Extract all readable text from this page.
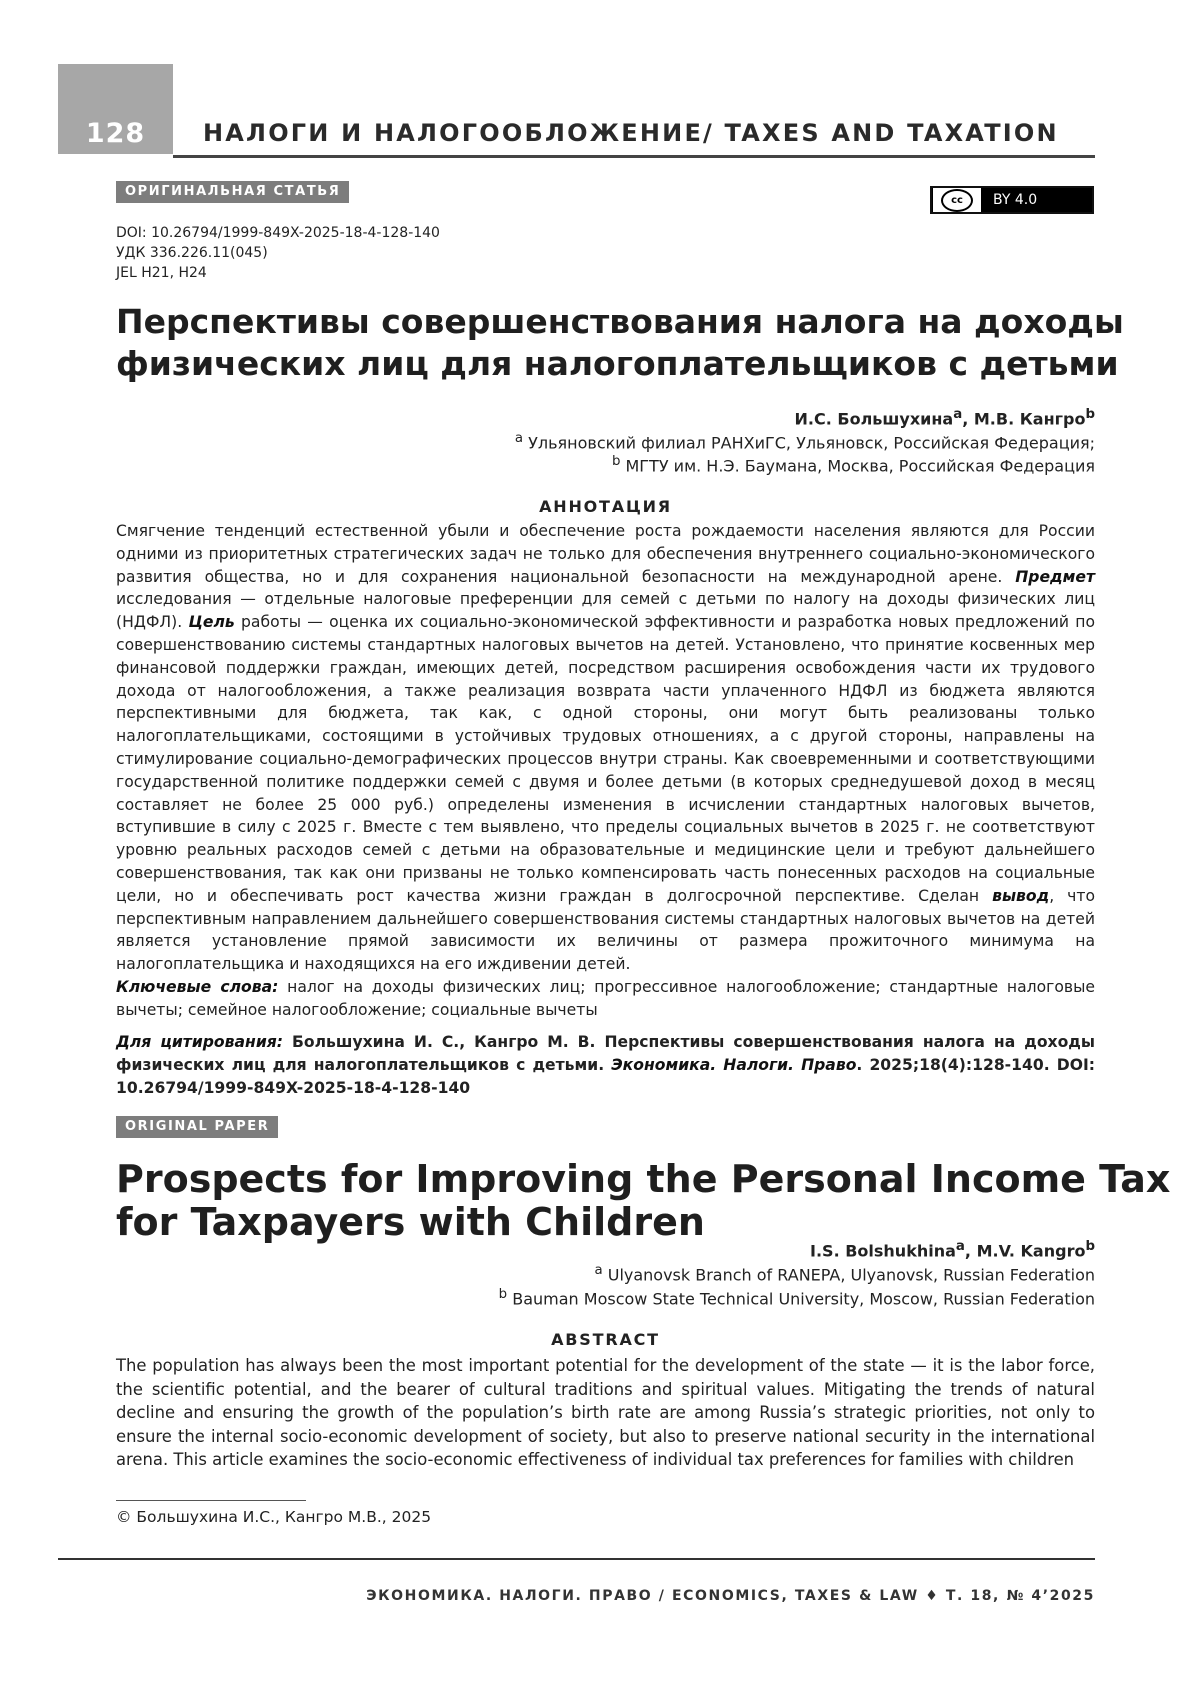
128	НАЛОГИ И НАЛОГООБЛОЖЕНИЕ/ TAXES AND TAXATION
ОРИГИНАЛЬНАЯ СТАТЬЯ
cc	BY 4.0
DOI: 10.26794/1999-849X-2025-18-4-128-140
УДК 336.226.11(045)
JEL H21, H24
Перспективы совершенствования налога на доходы
физических лиц для налогоплательщиков с детьми
И.С. Большухина$^a$, М.В. Кангро$^b$
$^a$ Ульяновский филиал РАНХиГС, Ульяновск, Российская Федерация;
$^b$ МГТУ им. Н.Э. Баумана, Москва, Российская Федерация
АННОТАЦИЯ
Смягчение тенденций естественной убыли и обеспечение роста рождаемости населения являются для России одними из приоритетных стратегических задач не только для обеспечения внутреннего социально-экономического развития общества, но и для сохранения национальной безопасности на международной арене. Предмет исследования — отдельные налоговые преференции для семей с детьми по налогу на доходы физических лиц (НДФЛ). Цель работы — оценка их социально-экономической эффективности и разработка новых предложений по совершенствованию системы стандартных налоговых вычетов на детей. Установлено, что принятие косвенных мер финансовой поддержки граждан, имеющих детей, посредством расширения освобождения части их трудового дохода от налогообложения, а также реализация возврата части уплаченного НДФЛ из бюджета являются перспективными для бюджета, так как, с одной стороны, они могут быть реализованы только налогоплательщиками, состоящими в устойчивых трудовых отношениях, а с другой стороны, направлены на стимулирование социально-демографических процессов внутри страны. Как своевременными и соответствующими государственной политике поддержки семей с двумя и более детьми (в которых среднедушевой доход в месяц составляет не более 25 000 руб.) определены изменения в исчислении стандартных налоговых вычетов, вступившие в силу с 2025 г. Вместе с тем выявлено, что пределы социальных вычетов в 2025 г. не соответствуют уровню реальных расходов семей с детьми на образовательные и медицинские цели и требуют дальнейшего совершенствования, так как они призваны не только компенсировать часть понесенных расходов на социальные цели, но и обеспечивать рост качества жизни граждан в долгосрочной перспективе. Сделан вывод, что перспективным направлением дальнейшего совершенствования системы стандартных налоговых вычетов на детей является установление прямой зависимости их величины от размера прожиточного минимума на налогоплательщика и находящихся на его иждивении детей.
Ключевые слова: налог на доходы физических лиц; прогрессивное налогообложение; стандартные налоговые вычеты; семейное налогообложение; социальные вычеты
Для цитирования: Большухина И. С., Кангро М. В. Перспективы совершенствования налога на доходы физических лиц для налогоплательщиков с детьми. Экономика. Налоги. Право. 2025;18(4):128-140. DOI: 10.26794/1999-849X-2025-18-4-128-140
ORIGINAL PAPER
Prospects for Improving the Personal Income Tax
for Taxpayers with Children
I.S. Bolshukhina$^a$, M.V. Kangro$^b$
$^a$ Ulyanovsk Branch of RANEPA, Ulyanovsk, Russian Federation
$^b$ Bauman Moscow State Technical University, Moscow, Russian Federation
ABSTRACT
The population has always been the most important potential for the development of the state — it is the labor force, the scientific potential, and the bearer of cultural traditions and spiritual values. Mitigating the trends of natural decline and ensuring the growth of the population’s birth rate are among Russia’s strategic priorities, not only to ensure the internal socio-economic development of society, but also to preserve national security in the international arena. This article examines the socio-economic effectiveness of individual tax preferences for families with children
© Большухина И.С., Кангро М.В., 2025
ЭКОНОМИКА. НАЛОГИ. ПРАВО / ECONOMICS, TAXES & LAW ♦ Т. 18, № 4’2025
